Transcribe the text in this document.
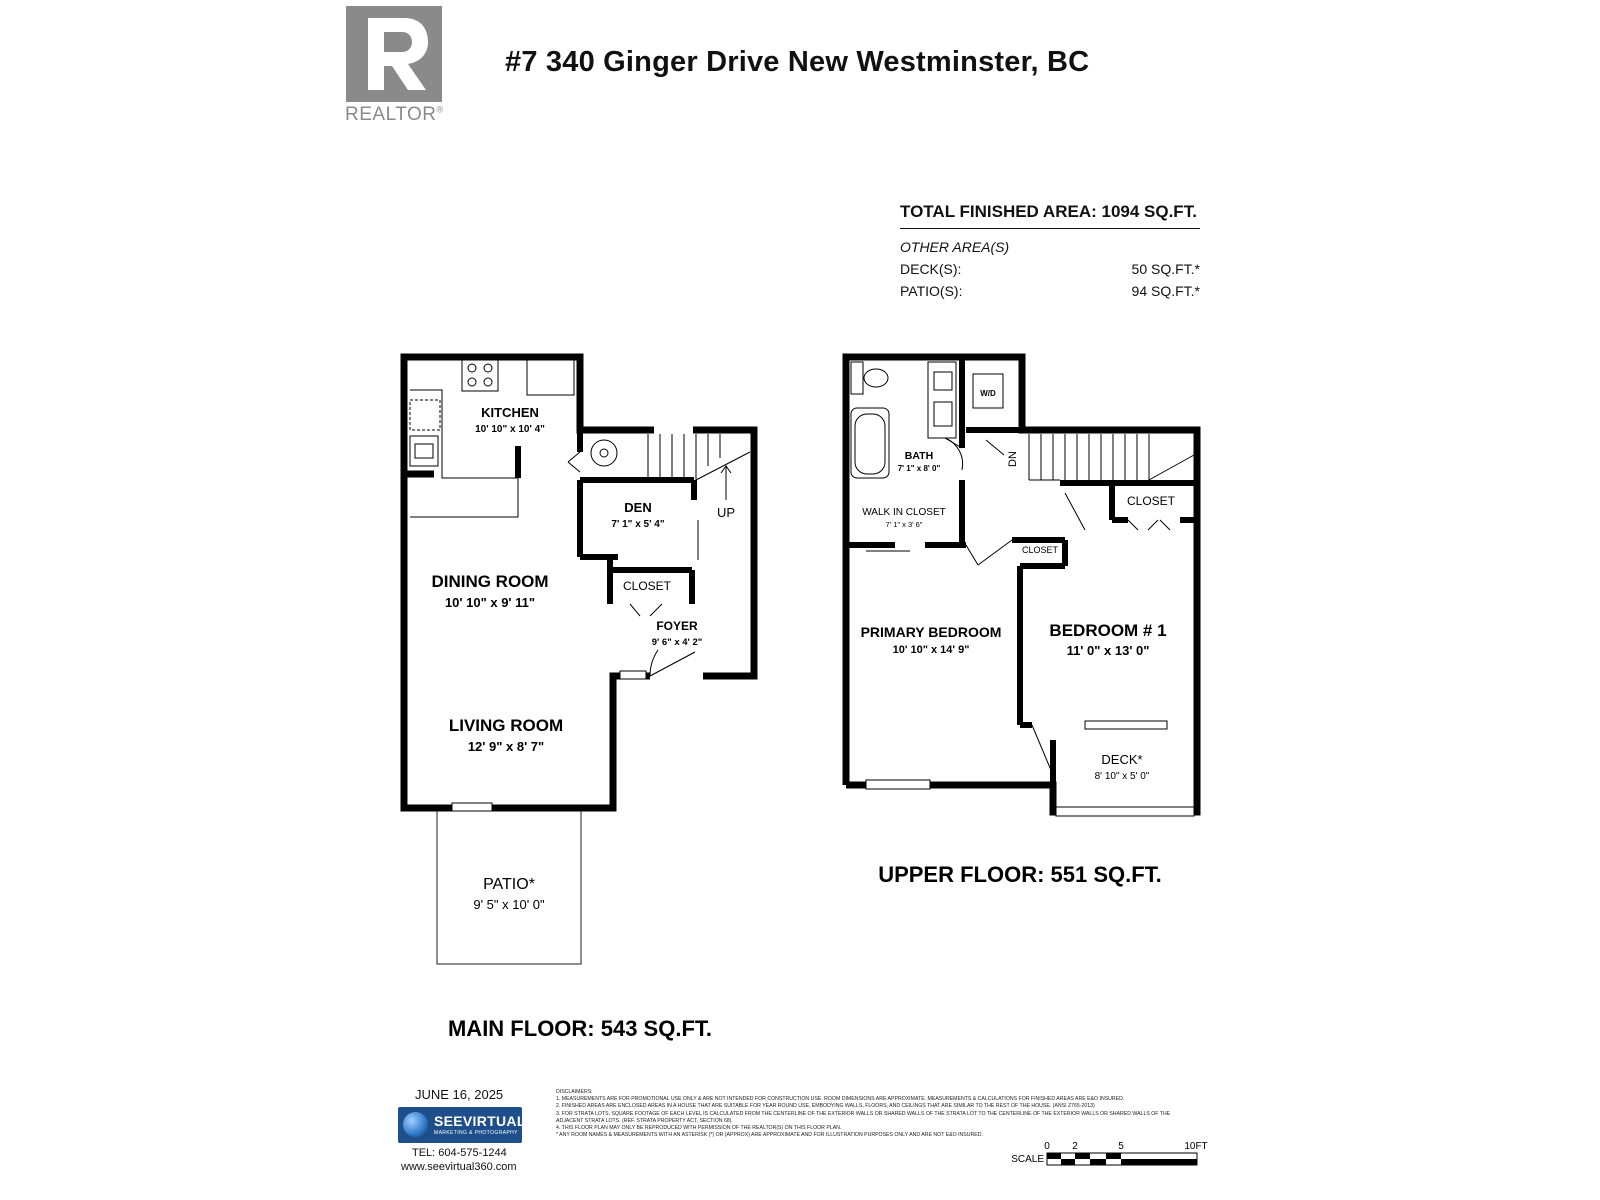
REALTOR®
#7 340 Ginger Drive New Westminster, BC
TOTAL FINISHED AREA: 1094 SQ.FT.
OTHER AREA(S)
DECK(S):	50 SQ.FT.*
PATIO(S):	94 SQ.FT.*
KITCHEN
10' 10" x 10' 4"
DEN
7' 1" x 5' 4"
UP
DINING ROOM
10' 10" x 9' 11"
CLOSET
FOYER
9' 6" x 4' 2"
LIVING ROOM
12' 9" x 8' 7"
PATIO*
9' 5" x 10' 0"
MAIN FLOOR: 543 SQ.FT.
W/D
BATH
7' 1" x 8' 0"
DN
WALK IN CLOSET
7' 1" x 3' 6"
CLOSET
CLOSET
PRIMARY BEDROOM
10' 10" x 14' 9"
BEDROOM # 1
11' 0" x 13' 0"
DECK*
8' 10" x 5' 0"
UPPER FLOOR: 551 SQ.FT.
SCALE
0 2	5	10FT
JUNE 16, 2025
SEEVIRTUAL
MARKETING & PHOTOGRAPHY
TEL: 604-575-1244
www.seevirtual360.com
DISCLAIMERS:
1. MEASUREMENTS ARE FOR PROMOTIONAL USE ONLY & ARE NOT INTENDED FOR CONSTRUCTION USE. ROOM DIMENSIONS ARE APPROXIMATE. MEASUREMENTS & CALCULATIONS FOR FINISHED AREAS ARE E&O INSURED.
2. FINISHED AREAS ARE ENCLOSED AREAS IN A HOUSE THAT ARE SUITABLE FOR YEAR ROUND USE, EMBODYING WALLS, FLOORS, AND CEILINGS THAT ARE SIMILAR TO THE REST OF THE HOUSE. (ANSI Z765-2013)
3. FOR STRATA LOTS, SQUARE FOOTAGE OF EACH LEVEL IS CALCULATED FROM THE CENTERLINE OF THE EXTERIOR WALLS OR SHARED WALLS OF THE STRATA LOT TO THE CENTERLINE OF THE EXTERIOR WALLS OR SHARED WALLS OF THE ADJACENT STRATA LOTS. (REF. STRATA PROPERTY ACT, SECTION 68)
4. THIS FLOOR PLAN MAY ONLY BE REPRODUCED WITH PERMISSION OF THE REALTOR(S) ON THIS FLOOR PLAN.
* ANY ROOM NAMES & MEASUREMENTS WITH AN ASTERISK (*) OR (APPROX) ARE APPROXIMATE AND FOR ILLUSTRATION PURPOSES ONLY AND ARE NOT E&O INSURED.
